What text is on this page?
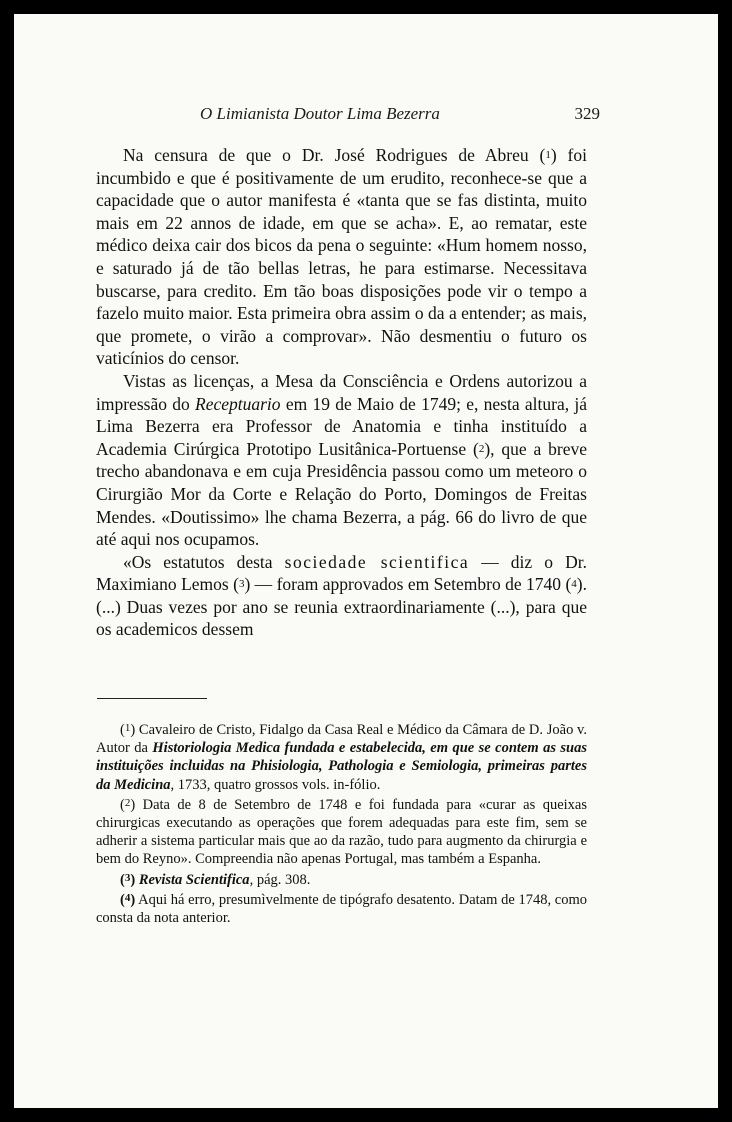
O Limianista Doutor Lima Bezerra	329

Na censura de que o Dr. José Rodrigues de Abreu (1) foi incumbido e que é positivamente de um erudito, reconhece-se que a capacidade que o autor manifesta é «tanta que se fas distinta, muito mais em 22 annos de idade, em que se acha». E, ao rematar, este médico deixa cair dos bicos da pena o seguinte: «Hum homem nosso, e saturado já de tão bellas letras, he para estimarse. Necessitava buscarse, para credito. Em tão boas disposições pode vir o tempo a fazelo muito maior. Esta primeira obra assim o da a entender; as mais, que promete, o virão a comprovar». Não desmentiu o futuro os vaticínios do censor.

Vistas as licenças, a Mesa da Consciência e Ordens autorizou a impressão do Receptuario em 19 de Maio de 1749; e, nesta altura, já Lima Bezerra era Professor de Anatomia e tinha instituído a Academia Cirúrgica Prototipo Lusitânica-Portuense (2), que a breve trecho abandonava e em cuja Presidência passou como um meteoro o Cirurgião Mor da Corte e Relação do Porto, Domingos de Freitas Mendes. «Doutissimo» lhe chama Bezerra, a pág. 66 do livro de que até aqui nos ocupamos.

«Os estatutos desta sociedade scientifica — diz o Dr. Maximiano Lemos (3) — foram approvados em Setembro de 1740 (4). (...) Duas vezes por ano se reunia extraordinariamente (...), para que os academicos dessem

($^1$) Cavaleiro de Cristo, Fidalgo da Casa Real e Médico da Câmara de D. João v. Autor da Historiologia Medica fundada e estabelecida, em que se contem as suas instituições incluidas na Phisiologia, Pathologia e Semiologia, primeiras partes da Medicina, 1733, quatro grossos vols. in-fólio.

($^2$) Data de 8 de Setembro de 1748 e foi fundada para «curar as queixas chirurgicas executando as operações que forem adequadas para este fim, sem se adherir a sistema particular mais que ao da razão, tudo para augmento da chirurgia e bem do Reyno». Compreendia não apenas Portugal, mas também a Espanha.

($^3$) Revista Scientifica, pág. 308.

($^4$) Aqui há erro, presumìvelmente de tipógrafo desatento. Datam de 1748, como consta da nota anterior.
